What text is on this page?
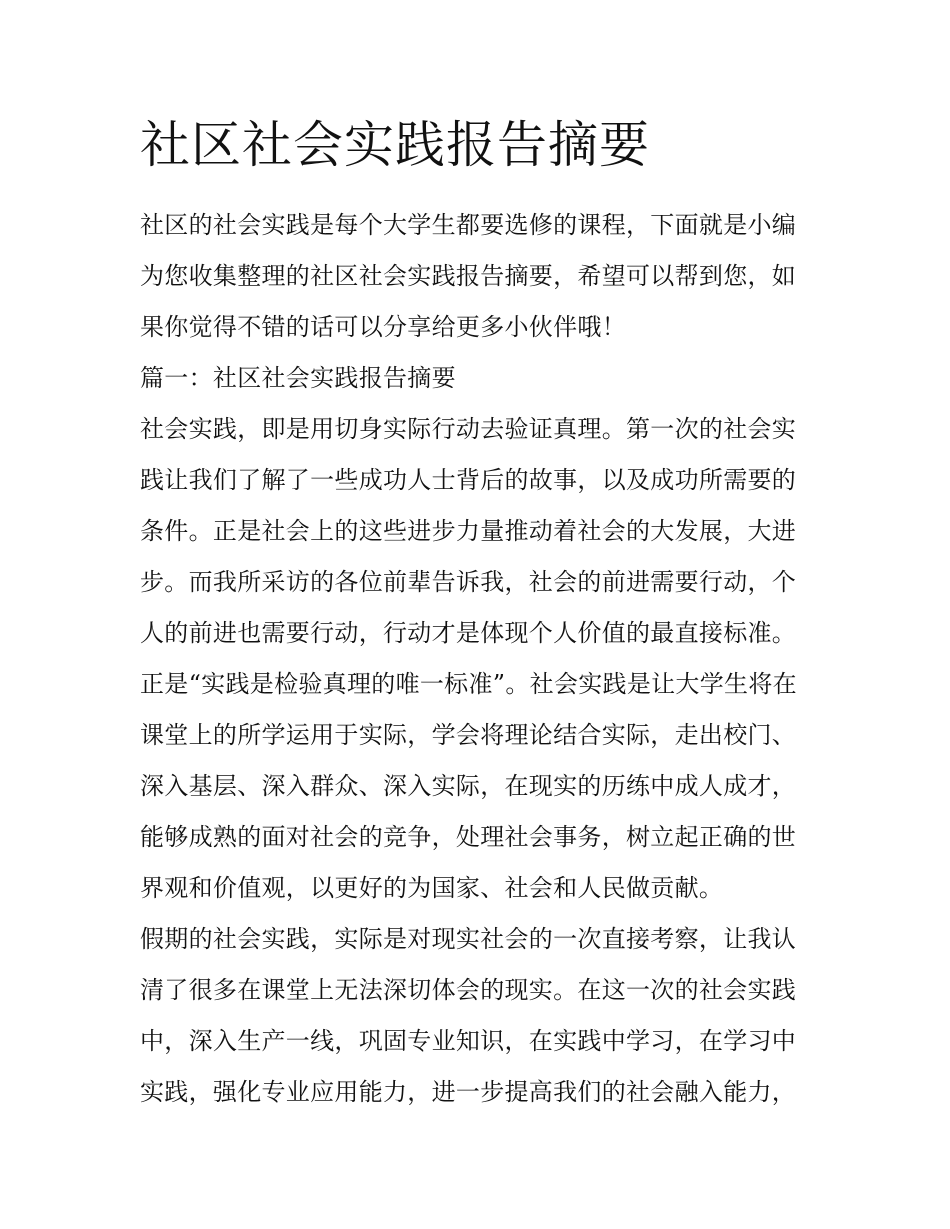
社区社会实践报告摘要

社区的社会实践是每个大学生都要选修的课程，下面就是小编
为您收集整理的社区社会实践报告摘要，希望可以帮到您，如
果你觉得不错的话可以分享给更多小伙伴哦！

篇一：社区社会实践报告摘要

社会实践，即是用切身实际行动去验证真理。第一次的社会实
践让我们了解了一些成功人士背后的故事，以及成功所需要的
条件。正是社会上的这些进步力量推动着社会的大发展，大进
步。而我所采访的各位前辈告诉我，社会的前进需要行动，个
人的前进也需要行动，行动才是体现个人价值的最直接标准。
正是“实践是检验真理的唯一标准”。社会实践是让大学生将在
课堂上的所学运用于实际，学会将理论结合实际，走出校门、
深入基层、深入群众、深入实际，在现实的历练中成人成才，
能够成熟的面对社会的竞争，处理社会事务，树立起正确的世
界观和价值观，以更好的为国家、社会和人民做贡献。

假期的社会实践，实际是对现实社会的一次直接考察，让我认
清了很多在课堂上无法深切体会的现实。在这一次的社会实践
中，深入生产一线，巩固专业知识，在实践中学习，在学习中
实践，强化专业应用能力，进一步提高我们的社会融入能力，
